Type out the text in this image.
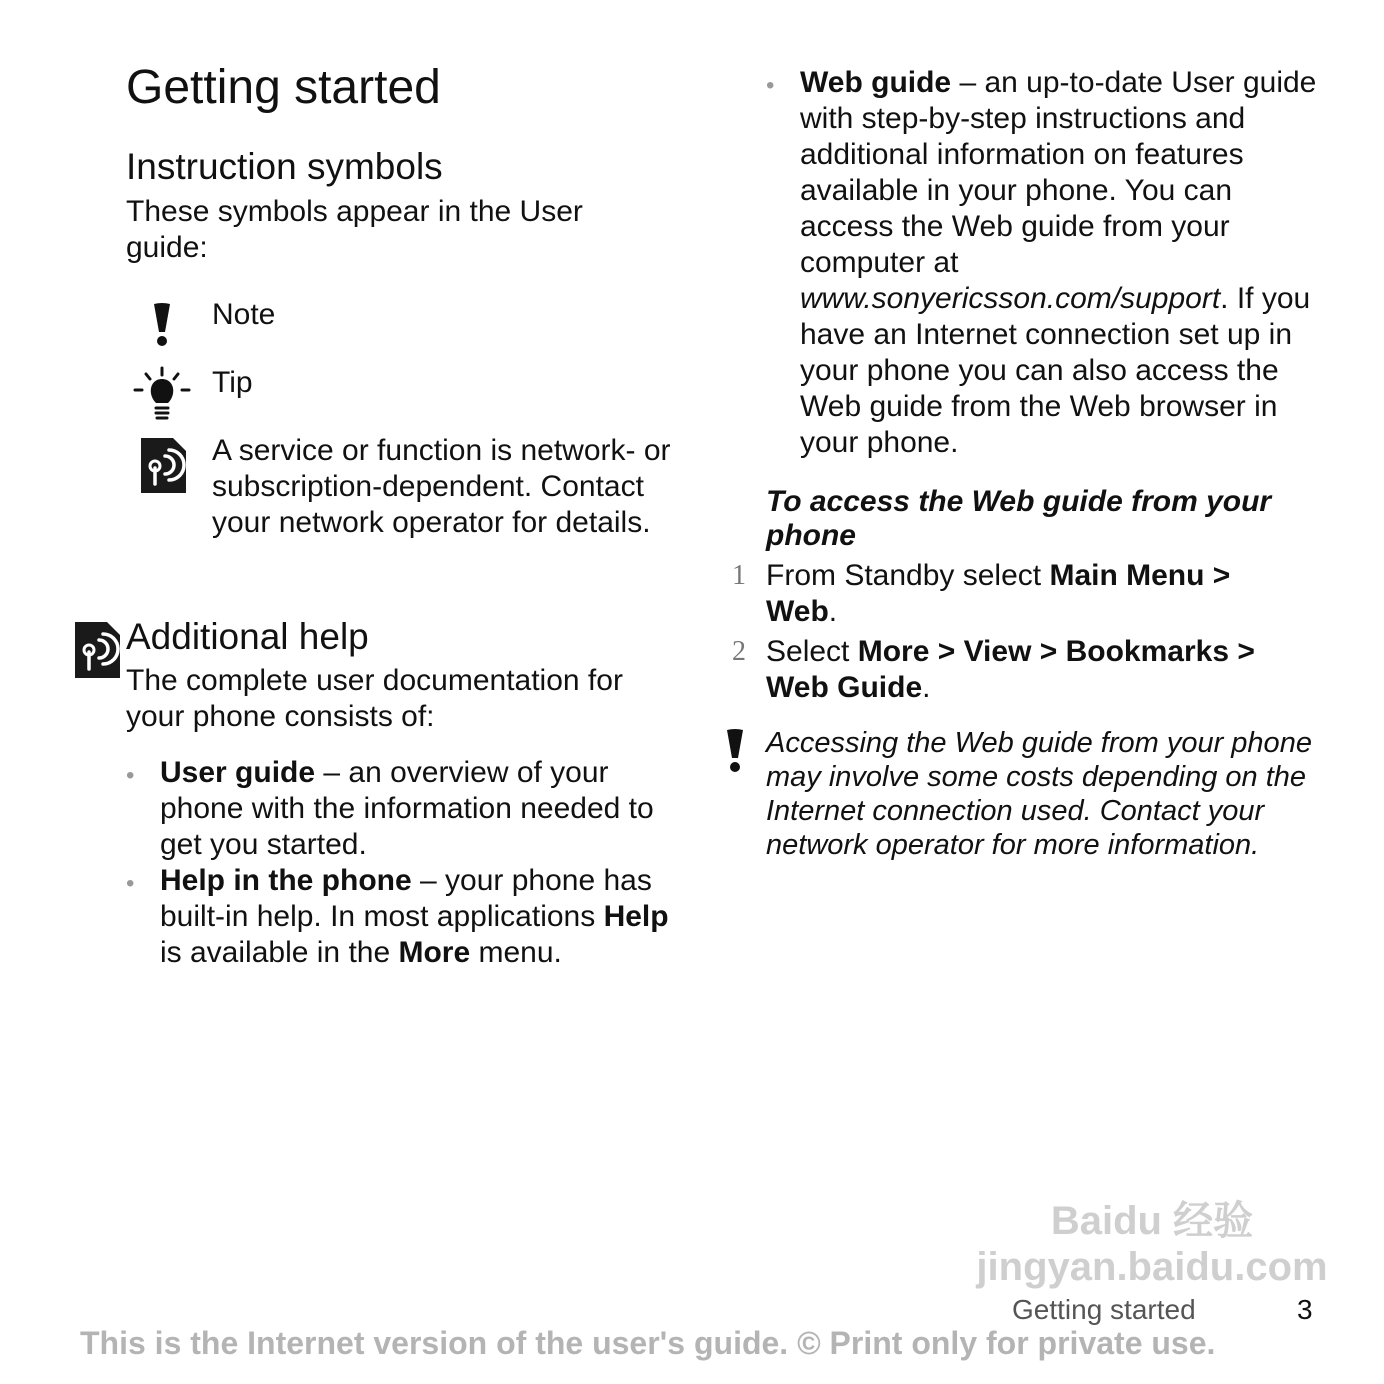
Getting started
Instruction symbols
These symbols appear in the User guide:
Note
Tip
A service or function is network- or subscription-dependent. Contact your network operator for details.
Additional help
The complete user documentation for your phone consists of:
• User guide – an overview of your phone with the information needed to get you started.
• Help in the phone – your phone has built-in help. In most applications Help is available in the More menu.
• Web guide – an up-to-date User guide with step-by-step instructions and additional information on features available in your phone. You can access the Web guide from your computer at www.sonyericsson.com/support. If you have an Internet connection set up in your phone you can also access the Web guide from the Web browser in your phone.
To access the Web guide from your phone
1 From Standby select Main Menu > Web.
2 Select More > View > Bookmarks > Web Guide.
Accessing the Web guide from your phone may involve some costs depending on the Internet connection used. Contact your network operator for more information.
Baidu 经验 jingyan.baidu.com
Getting started	3
This is the Internet version of the user's guide. © Print only for private use.
